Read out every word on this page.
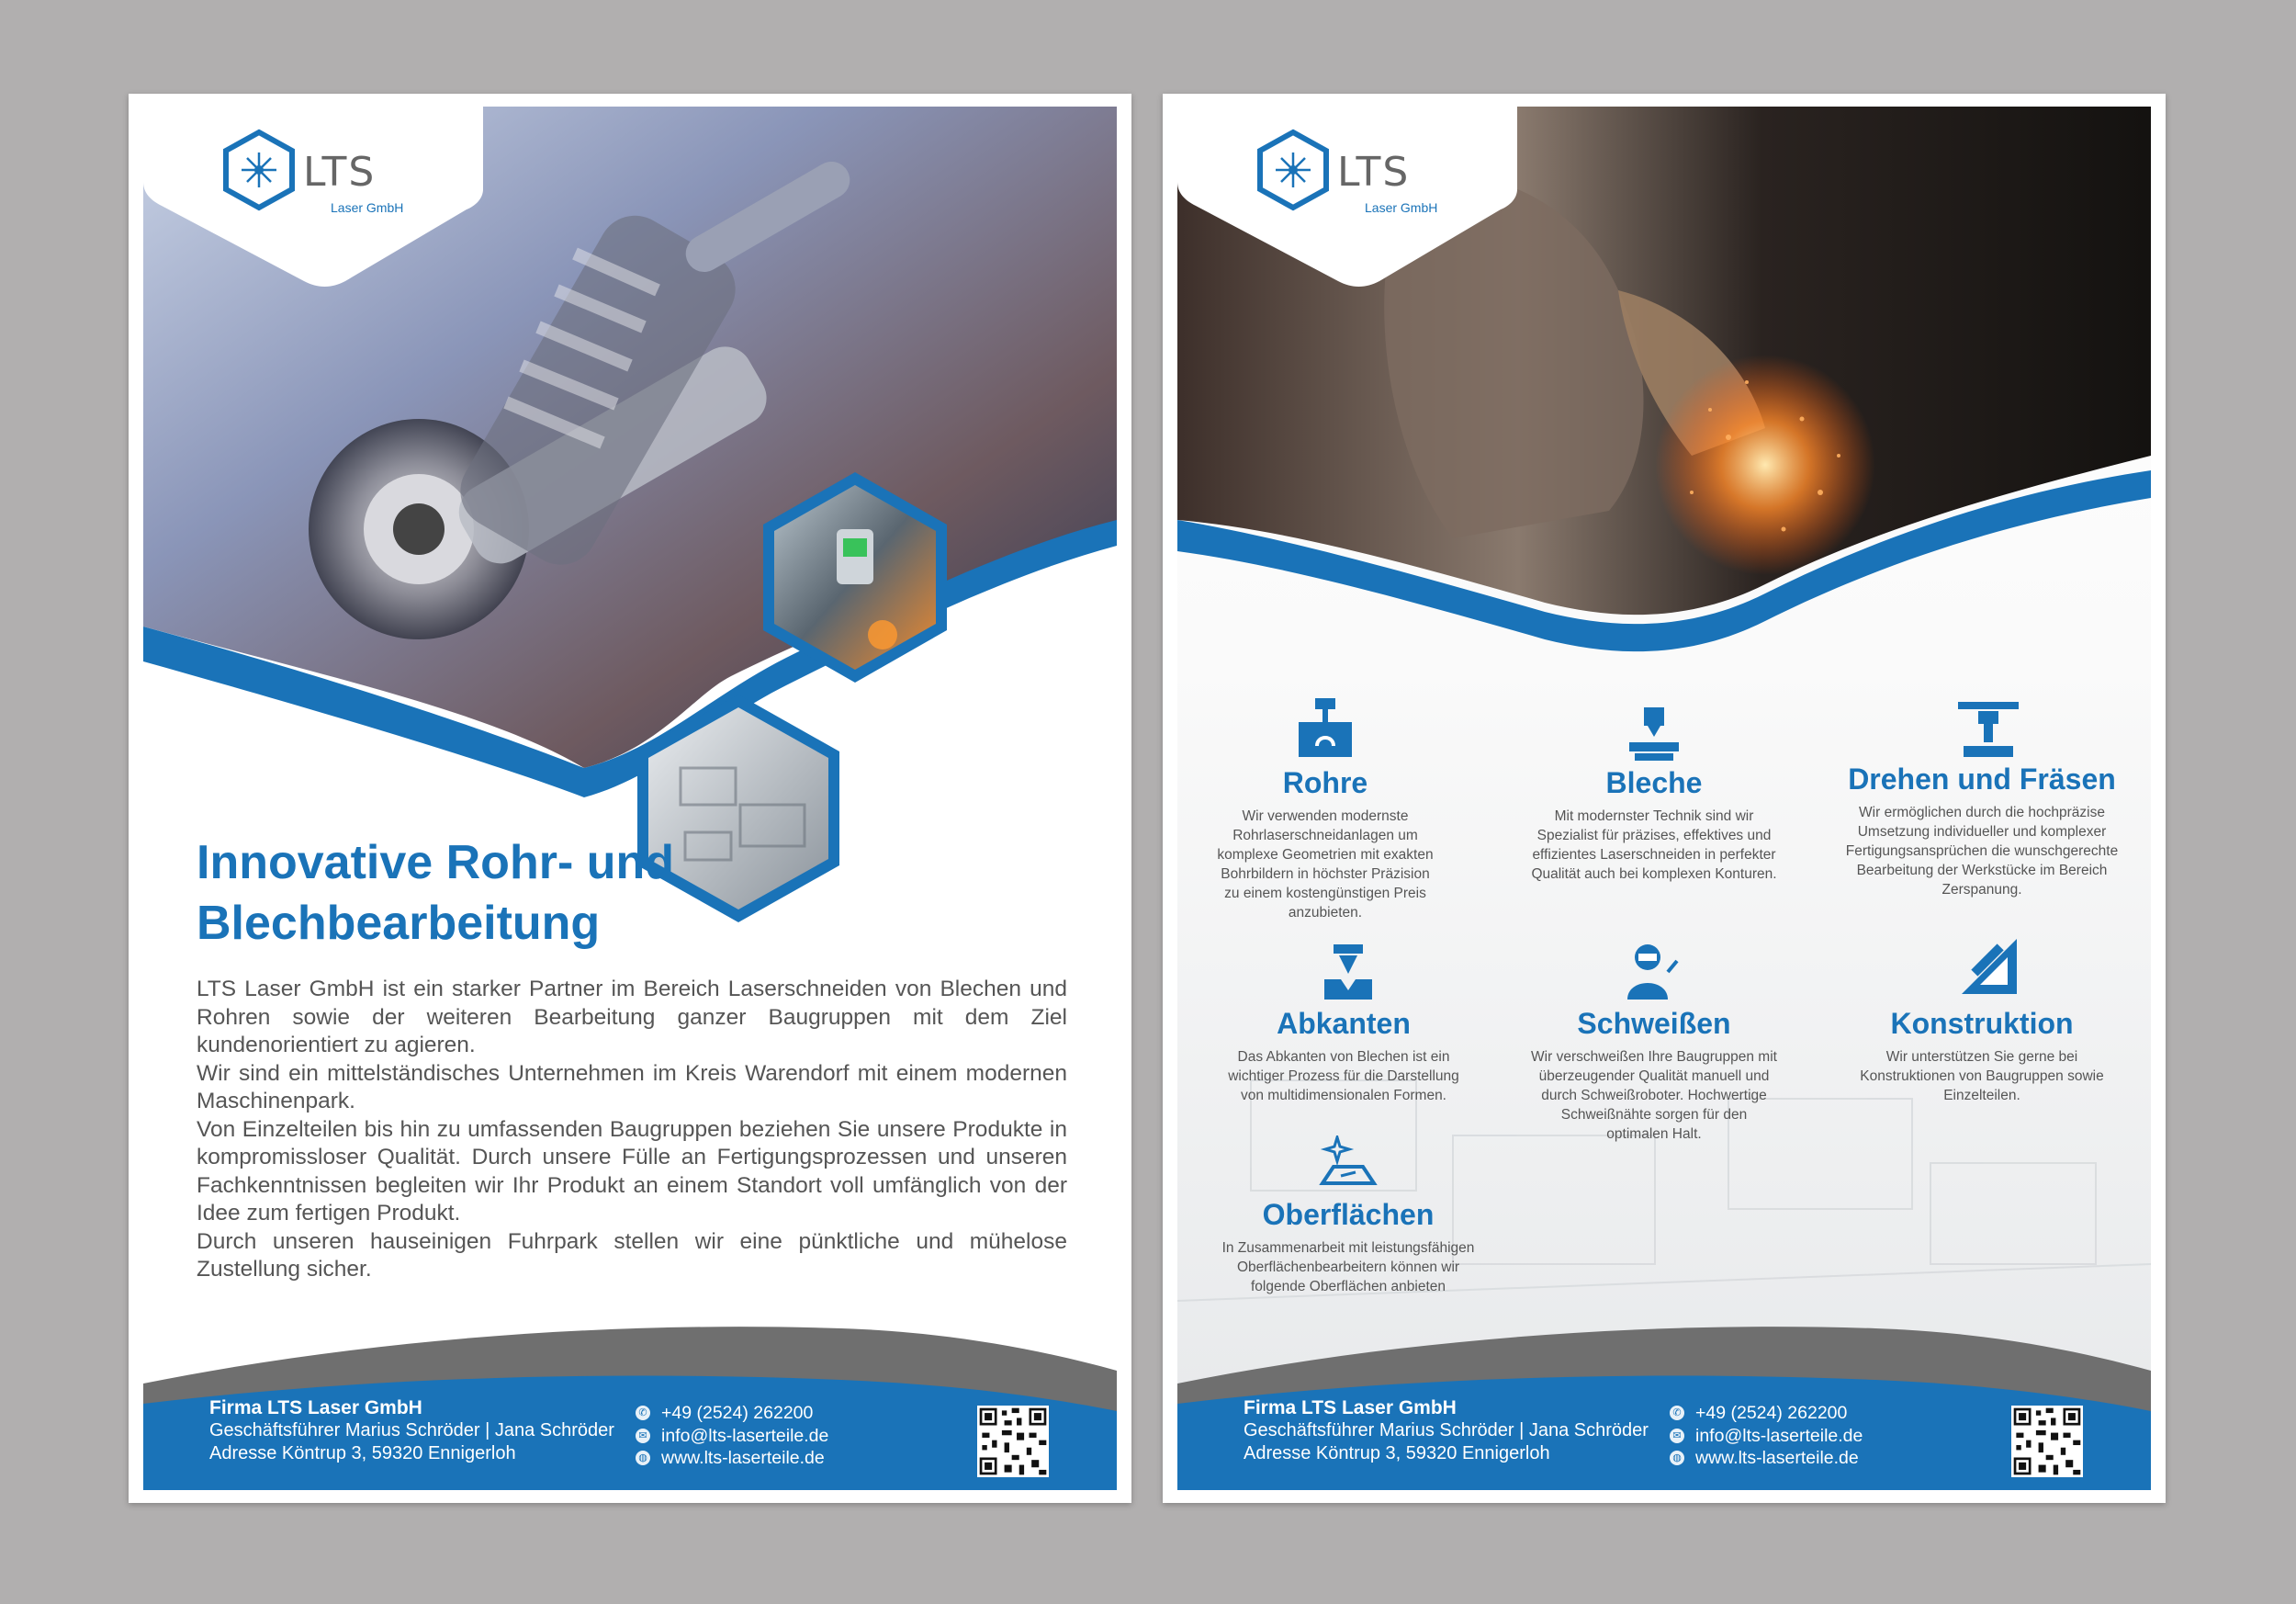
LTS
Laser GmbH
Innovative Rohr- und
Blechbearbeitung

LTS Laser GmbH ist ein starker Partner im Bereich Laserschneiden von Blechen und Rohren sowie der weiteren Bearbeitung ganzer Baugruppen mit dem Ziel kundenorientiert zu agieren.

Wir sind ein mittelständisches Unternehmen im Kreis Warendorf mit einem modernen Maschinenpark.

Von Einzelteilen bis hin zu umfassenden Baugruppen beziehen Sie unsere Produkte in kompromissloser Qualität. Durch unsere Fülle an Fertigungsprozessen und unseren Fachkenntnissen begleiten wir Ihr Produkt an einem Standort voll umfänglich von der Idee zum fertigen Produkt.

Durch unseren hauseinigen Fuhrpark stellen wir eine pünktliche und mühelose Zustellung sicher.

Firma LTS Laser GmbH
Geschäftsführer Marius Schröder | Jana Schröder
Adresse Köntrup 3, 59320 Ennigerloh
✆ +49 (2524) 262200
✉ info@lts-laserteile.de
◍ www.lts-laserteile.de
LTS
Laser GmbH
Rohre

Wir verwenden modernste Rohrlaserschneidanlagen um komplexe Geometrien mit exakten Bohrbildern in höchster Präzision zu einem kostengünstigen Preis anzubieten.

Bleche

Mit modernster Technik sind wir Spezialist für präzises, effektives und effizientes Laserschneiden in perfekter Qualität auch bei komplexen Konturen.

Drehen und Fräsen

Wir ermöglichen durch die hochpräzise Umsetzung individueller und komplexer Fertigungsansprüchen die wunschgerechte Bearbeitung der Werkstücke im Bereich Zerspanung.

Abkanten

Das Abkanten von Blechen ist ein wichtiger Prozess für die Darstellung von multidimensionalen Formen.

Schweißen

Wir verschweißen Ihre Baugruppen mit überzeugender Qualität manuell und durch Schweißroboter. Hochwertige Schweißnähte sorgen für den optimalen Halt.

Konstruktion

Wir unterstützen Sie gerne bei Konstruktionen von Baugruppen sowie Einzelteilen.

Oberflächen

In Zusammenarbeit mit leistungsfähigen Oberflächenbearbeitern können wir folgende Oberflächen anbieten

Firma LTS Laser GmbH
Geschäftsführer Marius Schröder | Jana Schröder
Adresse Köntrup 3, 59320 Ennigerloh
✆ +49 (2524) 262200
✉ info@lts-laserteile.de
◍ www.lts-laserteile.de
